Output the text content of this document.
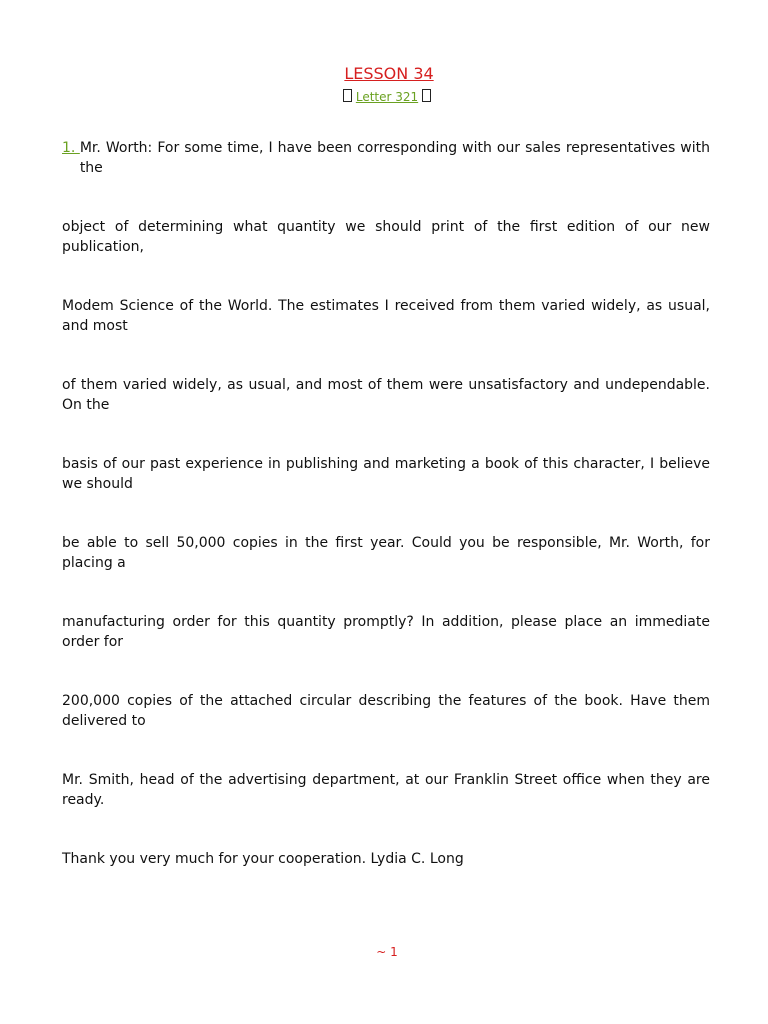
LESSON 34
Letter 321
1. Mr. Worth: For some time, I have been corresponding with our sales representatives with the
object of determining what quantity we should print of the first edition of our new publication,
Modem Science of the World. The estimates I received from them varied widely, as usual, and most
of them varied widely, as usual, and most of them were unsatisfactory and undependable. On the
basis of our past experience in publishing and marketing a book of this character, I believe we should
be able to sell 50,000 copies in the first year. Could you be responsible, Mr. Worth, for placing a
manufacturing order for this quantity promptly? In addition, please place an immediate order for
200,000 copies of the attached circular describing the features of the book. Have them delivered to
Mr. Smith, head of the advertising department, at our Franklin Street office when they are ready.
Thank you very much for your cooperation. Lydia C. Long
~ 1
